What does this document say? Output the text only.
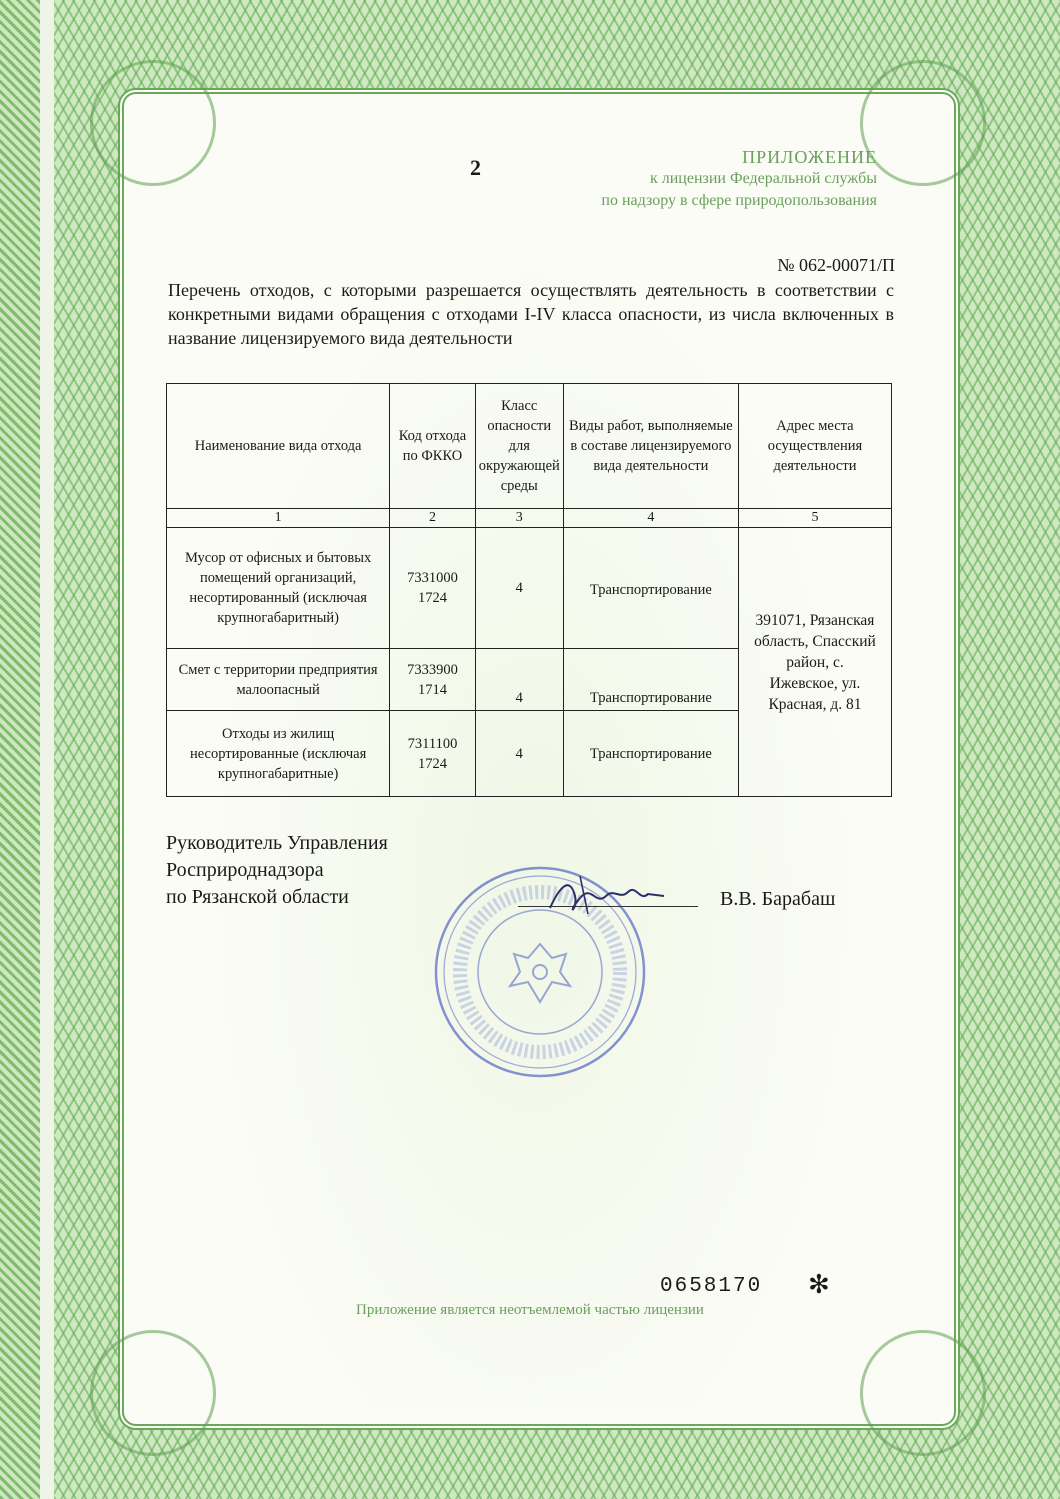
2	ПРИЛОЖЕНИЕ
к лицензии Федеральной службы
по надзору в сфере природопользования
№ 062-00071/П
Перечень отходов, с которыми разрешается осуществлять деятельность в соответствии с конкретными видами обращения с отходами I-IV класса опасности, из числа включенных в название лицензируемого вида деятельности
Наименование вида отхода	Код отхода по ФККО	Класс опасности для окружающей среды	Виды работ, выполняемые в составе лицензируемого вида деятельности	Адрес места осуществления деятельности
1	2	3	4	5
Мусор от офисных и бытовых помещений организаций, несортированный (исключая крупногабаритный)	7331000 1724	4	Транспортирование	391071, Рязанская область, Спасский район, с. Ижевское, ул. Красная, д. 81
Смет с территории предприятия малоопасный	7333900 1714	4	Транспортирование	
Отходы из жилищ несортированные (исключая крупногабаритные)	7311100 1724	4	Транспортирование	
Руководитель Управления
Росприроднадзора
по Рязанской области	В.В. Барабаш
0658170 ✻
Приложение является неотъемлемой частью лицензии
